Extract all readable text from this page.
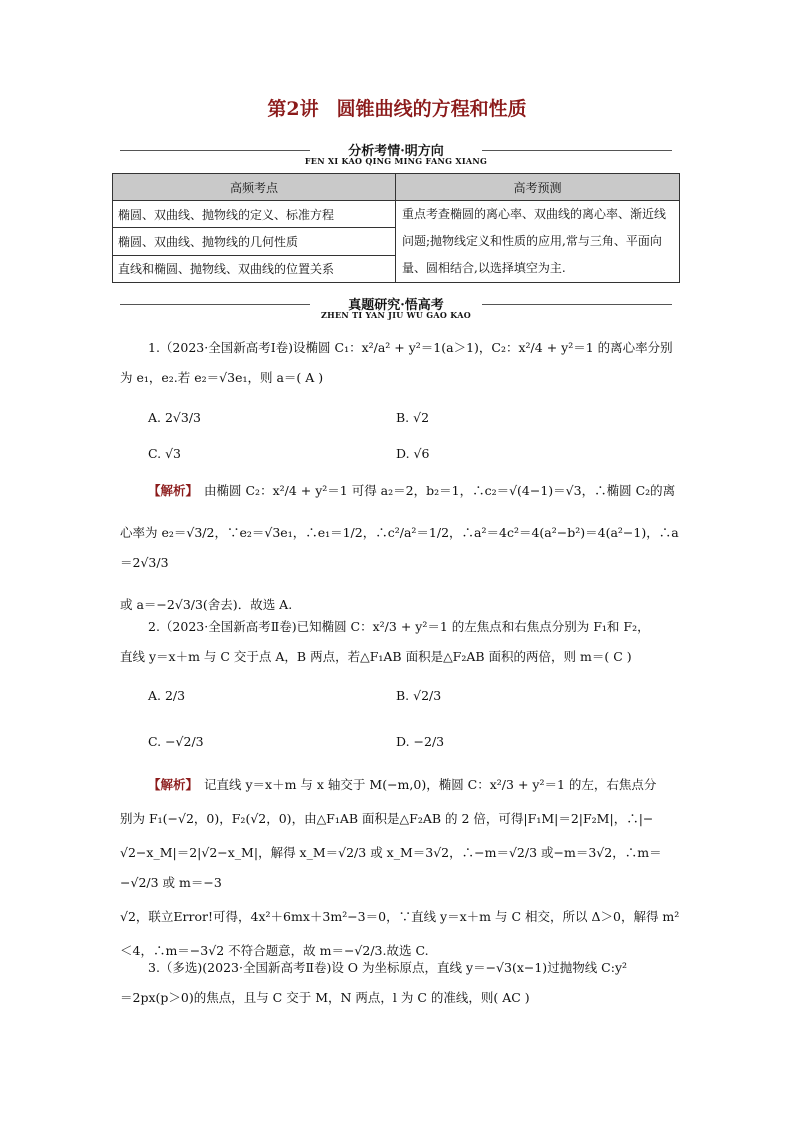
第2讲 圆锥曲线的方程和性质
分析考情·明方向
FEN XI KAO QING MING FANG XIANG
高频考点	高考预测
椭圆、双曲线、抛物线的定义、标准方程	重点考查椭圆的离心率、双曲线的离心率、渐近线问题;抛物线定义和性质的应用,常与三角、平面向量、圆相结合,以选择填空为主.
椭圆、双曲线、抛物线的几何性质	
直线和椭圆、抛物线、双曲线的位置关系	
真题研究·悟高考
ZHEN TI YAN JIU WU GAO KAO
1.（2023·全国新高考Ⅰ卷)设椭圆 C₁：x²/a² + y²＝1(a＞1)，C₂：x²/4 + y²＝1 的离心率分别
为 e₁，e₂.若 e₂＝√3e₁，则 a＝( A )
A. 2√3/3	B. √2
C. √3	D. √6
【解析】 由椭圆 C₂：x²/4 + y²＝1 可得 a₂＝2，b₂＝1，∴c₂＝√(4−1)＝√3，∴椭圆 C₂的离
心率为 e₂＝√3/2，∵e₂＝√3e₁，∴e₁＝1/2，∴c²/a²＝1/2，∴a²＝4c²＝4(a²−b²)＝4(a²−1)，∴a＝2√3/3
或 a＝−2√3/3(舍去)．故选 A.
2.（2023·全国新高考Ⅱ卷)已知椭圆 C：x²/3 + y²＝1 的左焦点和右焦点分别为 F₁和 F₂，
直线 y＝x＋m 与 C 交于点 A，B 两点，若△F₁AB 面积是△F₂AB 面积的两倍，则 m＝( C )
A. 2/3	B. √2/3
C. −√2/3	D. −2/3
【解析】 记直线 y＝x＋m 与 x 轴交于 M(−m,0)，椭圆 C：x²/3 + y²＝1 的左，右焦点分
别为 F₁(−√2，0)，F₂(√2，0)，由△F₁AB 面积是△F₂AB 的 2 倍，可得|F₁M|＝2|F₂M|，∴|−
√2−x_M|＝2|√2−x_M|，解得 x_M＝√2/3 或 x_M＝3√2，∴−m＝√2/3 或−m＝3√2，∴m＝−√2/3 或 m＝−3
√2，联立Error!可得，4x²＋6mx＋3m²−3＝0，∵直线 y＝x＋m 与 C 相交，所以 Δ＞0，解得 m²
＜4，∴m＝−3√2 不符合题意，故 m＝−√2/3.故选 C.
3.（多选)(2023·全国新高考Ⅱ卷)设 O 为坐标原点，直线 y＝−√3(x−1)过抛物线 C:y²
＝2px(p＞0)的焦点，且与 C 交于 M，N 两点，l 为 C 的准线，则( AC )
